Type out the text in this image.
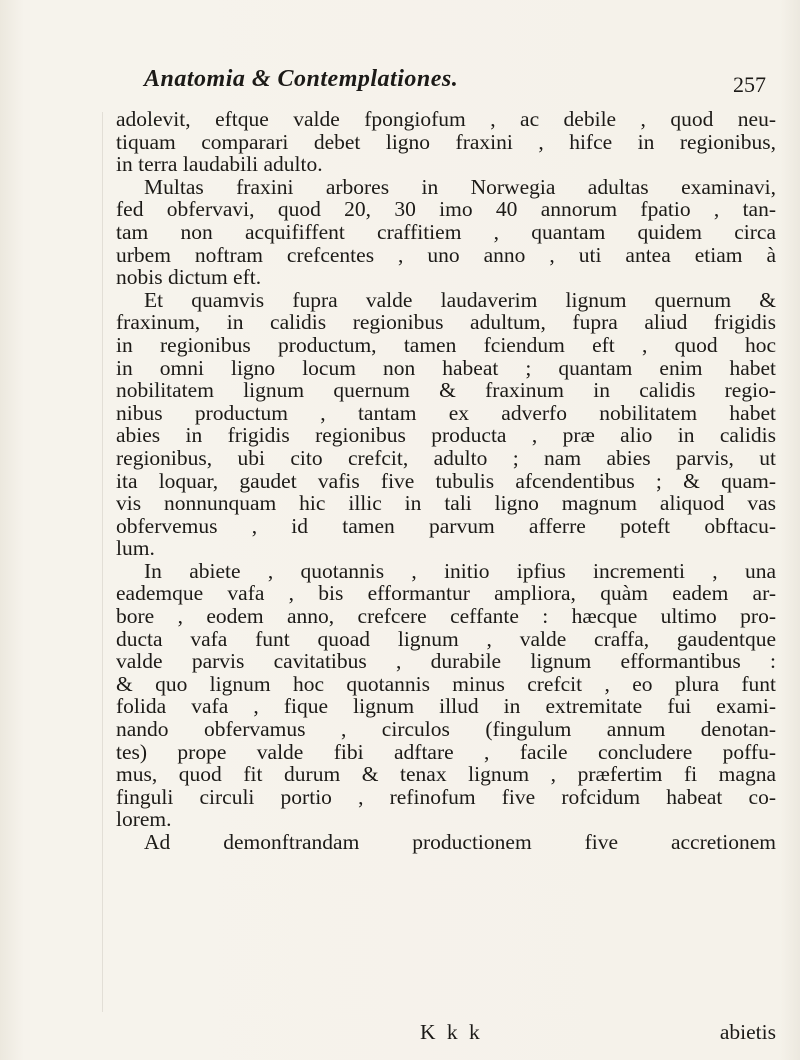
Anatomia & Contemplationes.	257
adolevit, eftque valde fpongiofum , ac debile , quod neu-
tiquam comparari debet ligno fraxini , hifce in regionibus,
in terra laudabili adulto.
Multas fraxini arbores in Norwegia adultas examinavi,
fed obfervavi, quod 20, 30 imo 40 annorum fpatio , tan-
tam non acquififfent craffitiem , quantam quidem circa
urbem noftram crefcentes , uno anno , uti antea etiam à
nobis dictum eft.
Et quamvis fupra valde laudaverim lignum quernum &
fraxinum, in calidis regionibus adultum, fupra aliud frigidis
in regionibus productum, tamen fciendum eft , quod hoc
in omni ligno locum non habeat ; quantam enim habet
nobilitatem lignum quernum & fraxinum in calidis regio-
nibus productum , tantam ex adverfo nobilitatem habet
abies in frigidis regionibus producta , præ alio in calidis
regionibus, ubi cito crefcit, adulto ; nam abies parvis, ut
ita loquar, gaudet vafis five tubulis afcendentibus ; & quam-
vis nonnunquam hic illic in tali ligno magnum aliquod vas
obfervemus , id tamen parvum afferre poteft obftacu-
lum.
In abiete , quotannis , initio ipfius incrementi , una
eademque vafa , bis efformantur ampliora, quàm eadem ar-
bore , eodem anno, crefcere ceffante : hæcque ultimo pro-
ducta vafa funt quoad lignum , valde craffa, gaudentque
valde parvis cavitatibus , durabile lignum efformantibus :
& quo lignum hoc quotannis minus crefcit , eo plura funt
folida vafa , fique lignum illud in extremitate fui exami-
nando obfervamus , circulos (fingulum annum denotan-
tes) prope valde fibi adftare , facile concludere poffu-
mus, quod fit durum & tenax lignum , præfertim fi magna
finguli circuli portio , refinofum five rofcidum habeat co-
lorem.
Ad demonftrandam productionem five accretionem
K k k	abietis
